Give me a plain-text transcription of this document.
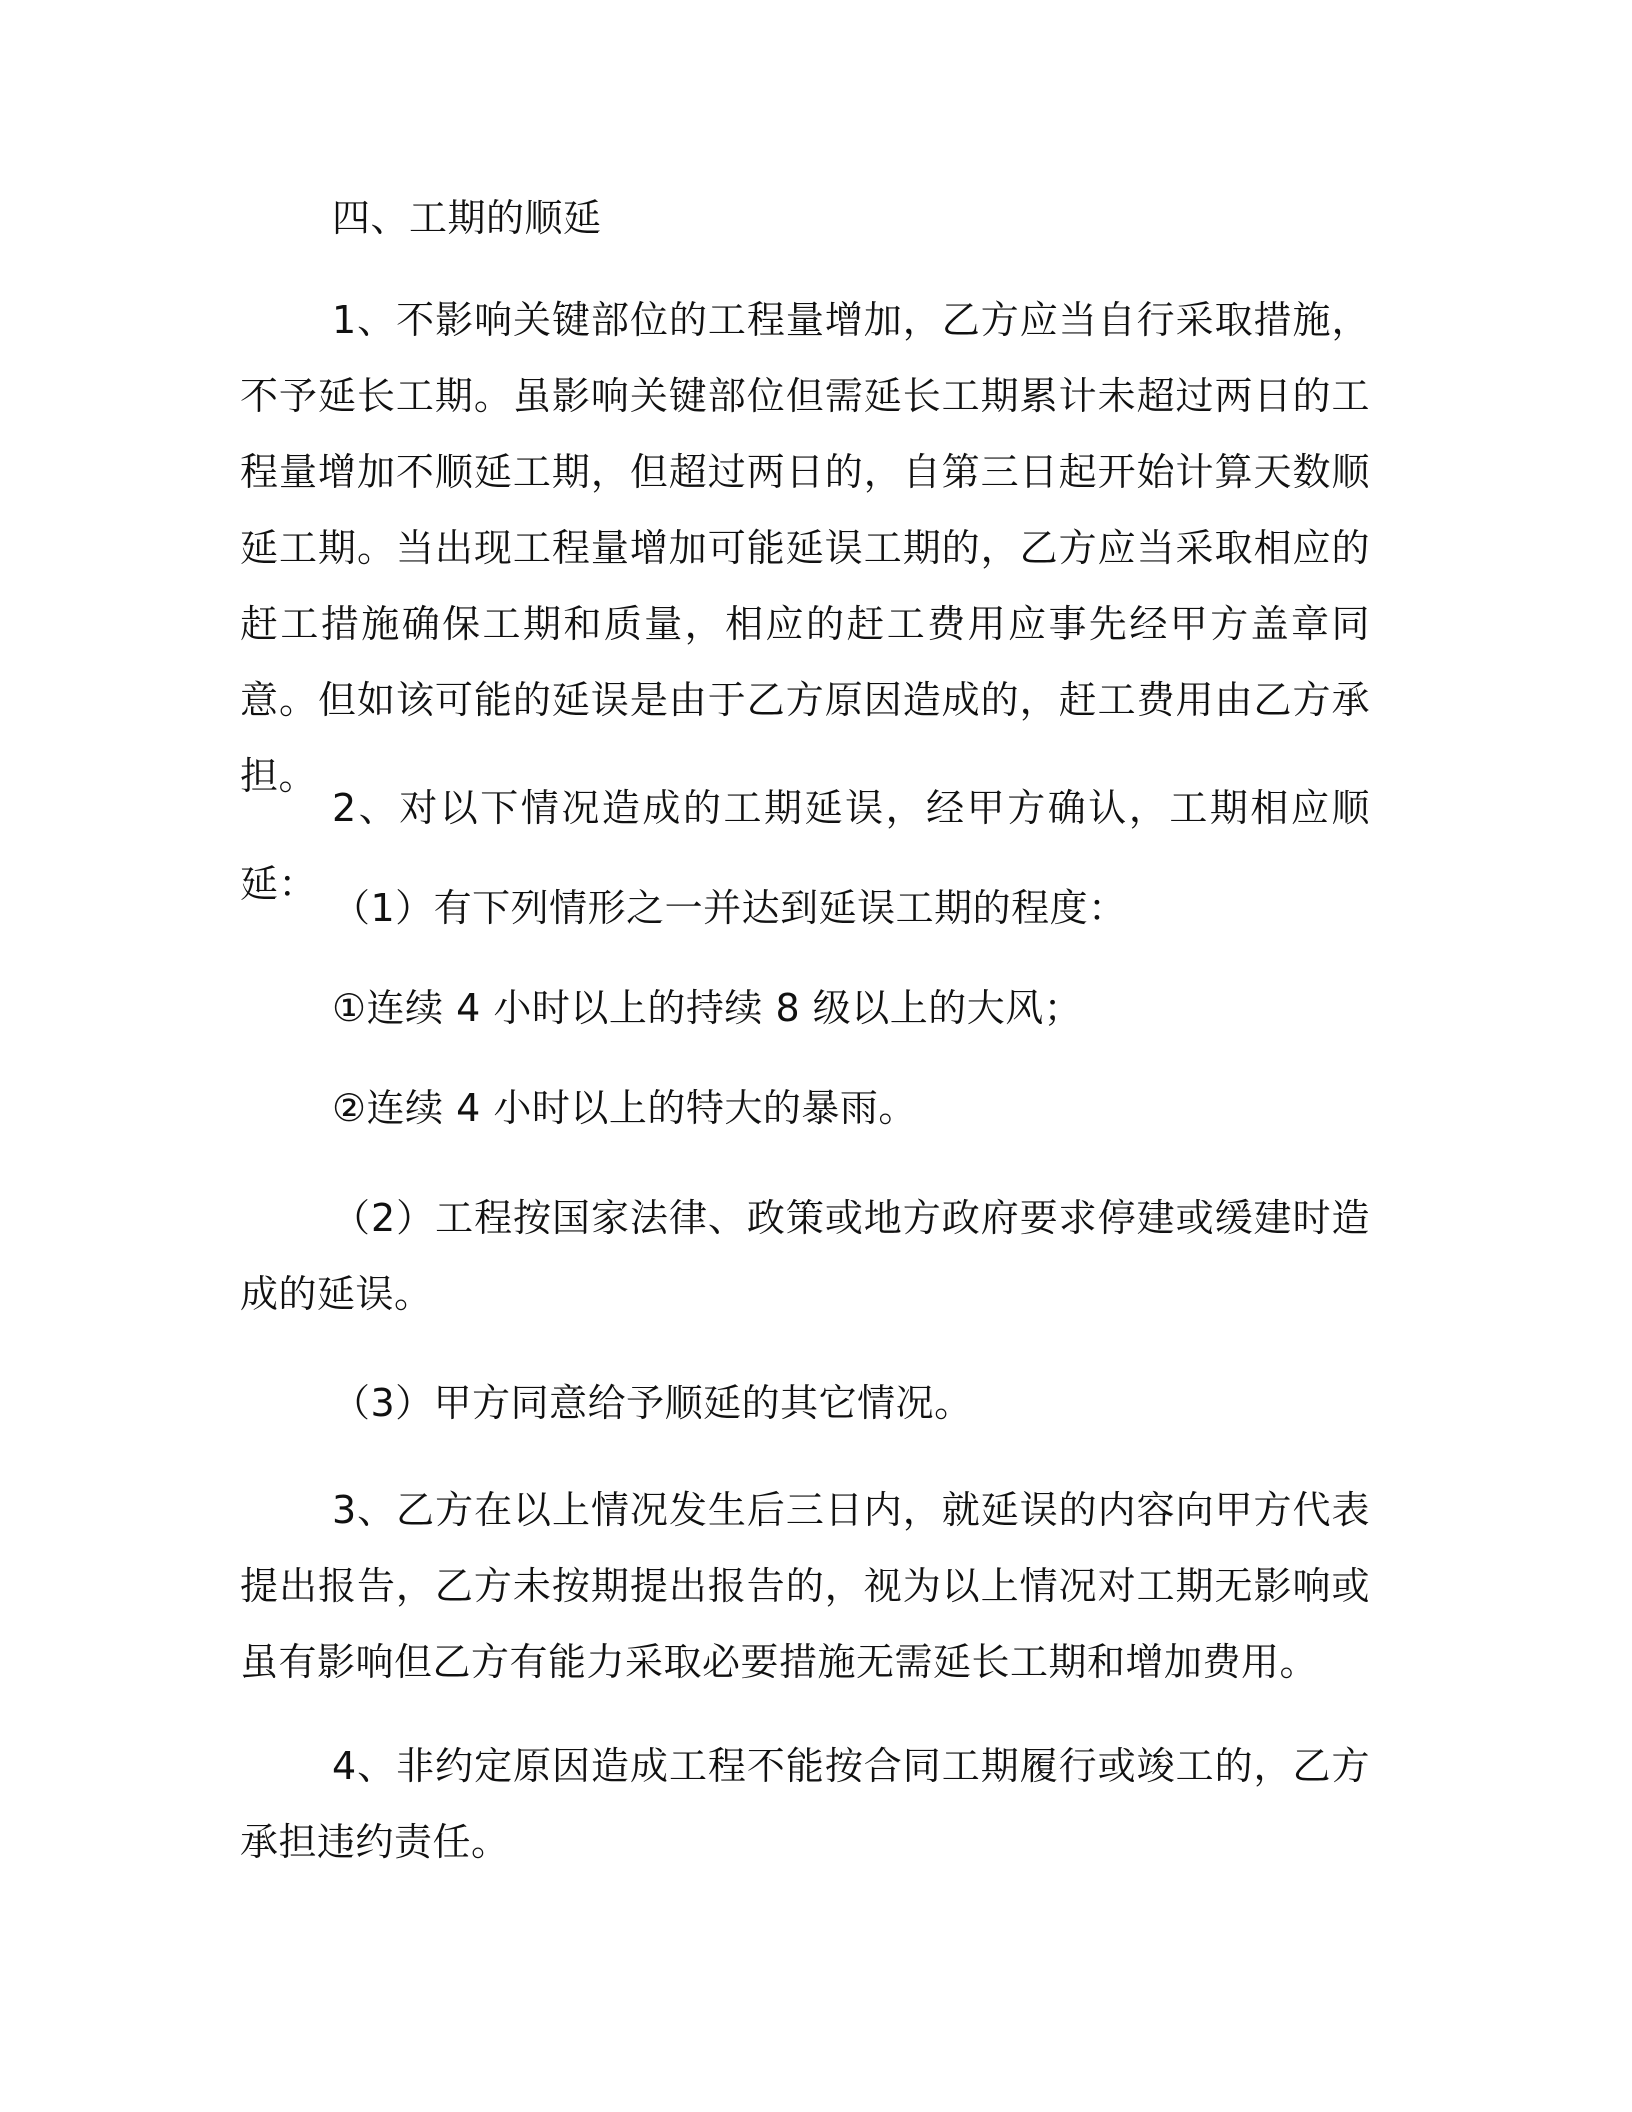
四、工期的顺延

1、不影响关键部位的工程量增加，乙方应当自行采取措施，不予延长工期。虽影响关键部位但需延长工期累计未超过两日的工程量增加不顺延工期，但超过两日的，自第三日起开始计算天数顺延工期。当出现工程量增加可能延误工期的，乙方应当采取相应的赶工措施确保工期和质量，相应的赶工费用应事先经甲方盖章同意。但如该可能的延误是由于乙方原因造成的，赶工费用由乙方承担。

2、对以下情况造成的工期延误，经甲方确认，工期相应顺延：

（1）有下列情形之一并达到延误工期的程度：

①连续 4 小时以上的持续 8 级以上的大风；

②连续 4 小时以上的特大的暴雨。

（2）工程按国家法律、政策或地方政府要求停建或缓建时造成的延误。

（3）甲方同意给予顺延的其它情况。

3、乙方在以上情况发生后三日内，就延误的内容向甲方代表提出报告，乙方未按期提出报告的，视为以上情况对工期无影响或虽有影响但乙方有能力采取必要措施无需延长工期和增加费用。

4、非约定原因造成工程不能按合同工期履行或竣工的，乙方承担违约责任。
